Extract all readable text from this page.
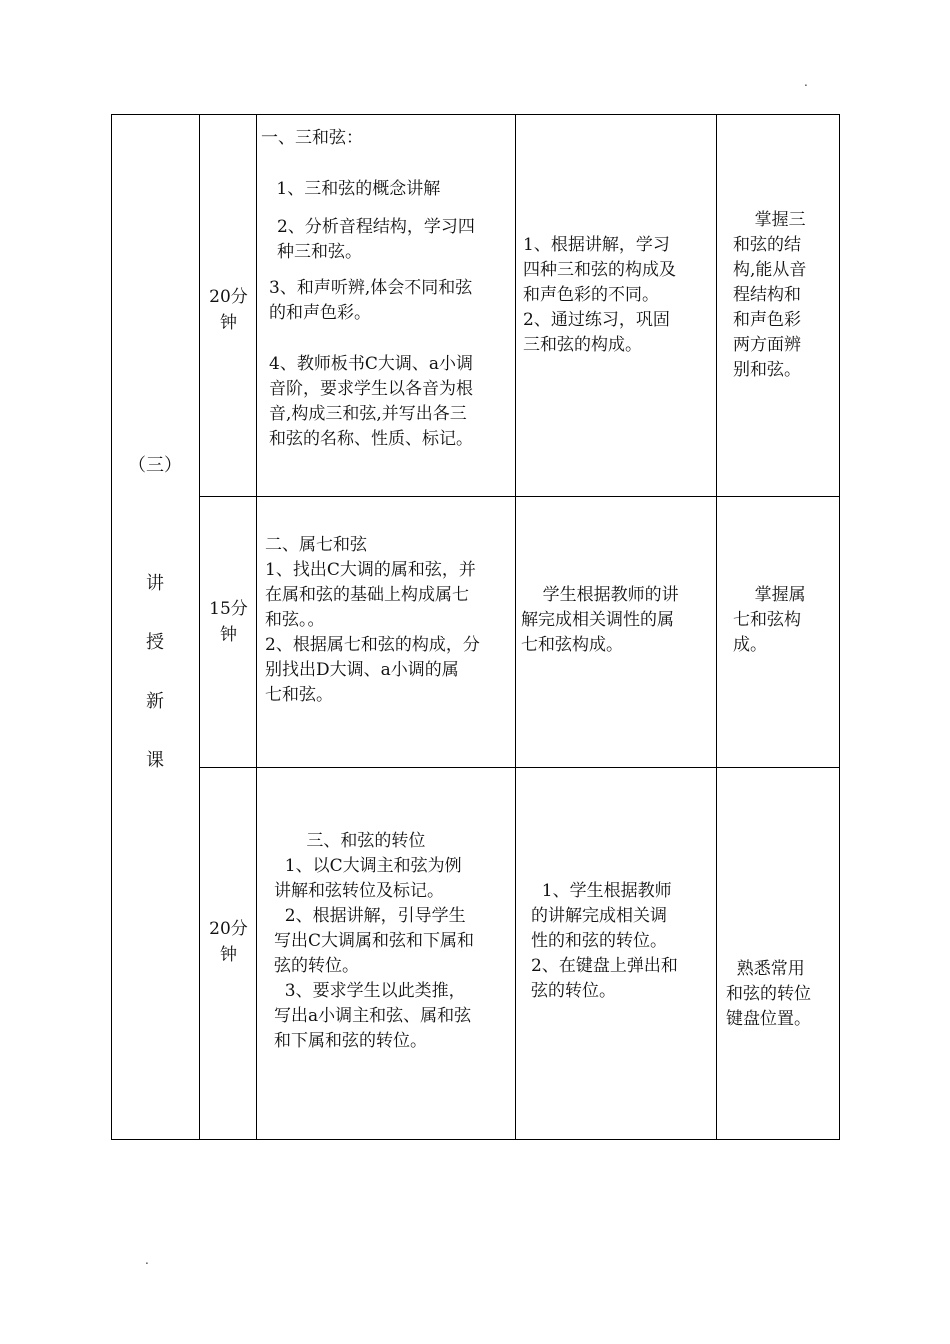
.
（三）
讲
授
新
课
20分
钟
一、三和弦：
1、三和弦的概念讲解
2、分析音程结构，学习四
种三和弦。
3、和声听辨,体会不同和弦
的和声色彩。
4、教师板书C大调、a小调
音阶，要求学生以各音为根
音,构成三和弦,并写出各三
和弦的名称、性质、标记。
1、根据讲解，学习
四种三和弦的构成及
和声色彩的不同。
2、通过练习，巩固
三和弦的构成。
掌握三
和弦的结
构,能从音
程结构和
和声色彩
两方面辨
别和弦。
15分
钟
二、属七和弦
1、找出C大调的属和弦，并
在属和弦的基础上构成属七
和弦。。
2、根据属七和弦的构成，分
别找出D大调、a小调的属
七和弦。
学生根据教师的讲
解完成相关调性的属
七和弦构成。
掌握属
七和弦构
成。
20分
钟
三、和弦的转位
1、以C大调主和弦为例
讲解和弦转位及标记。
2、根据讲解，引导学生
写出C大调属和弦和下属和
弦的转位。
3、要求学生以此类推，
写出a小调主和弦、属和弦
和下属和弦的转位。
1、学生根据教师
的讲解完成相关调
性的和弦的转位。
2、在键盘上弹出和
弦的转位。
熟悉常用
和弦的转位
键盘位置。
.
